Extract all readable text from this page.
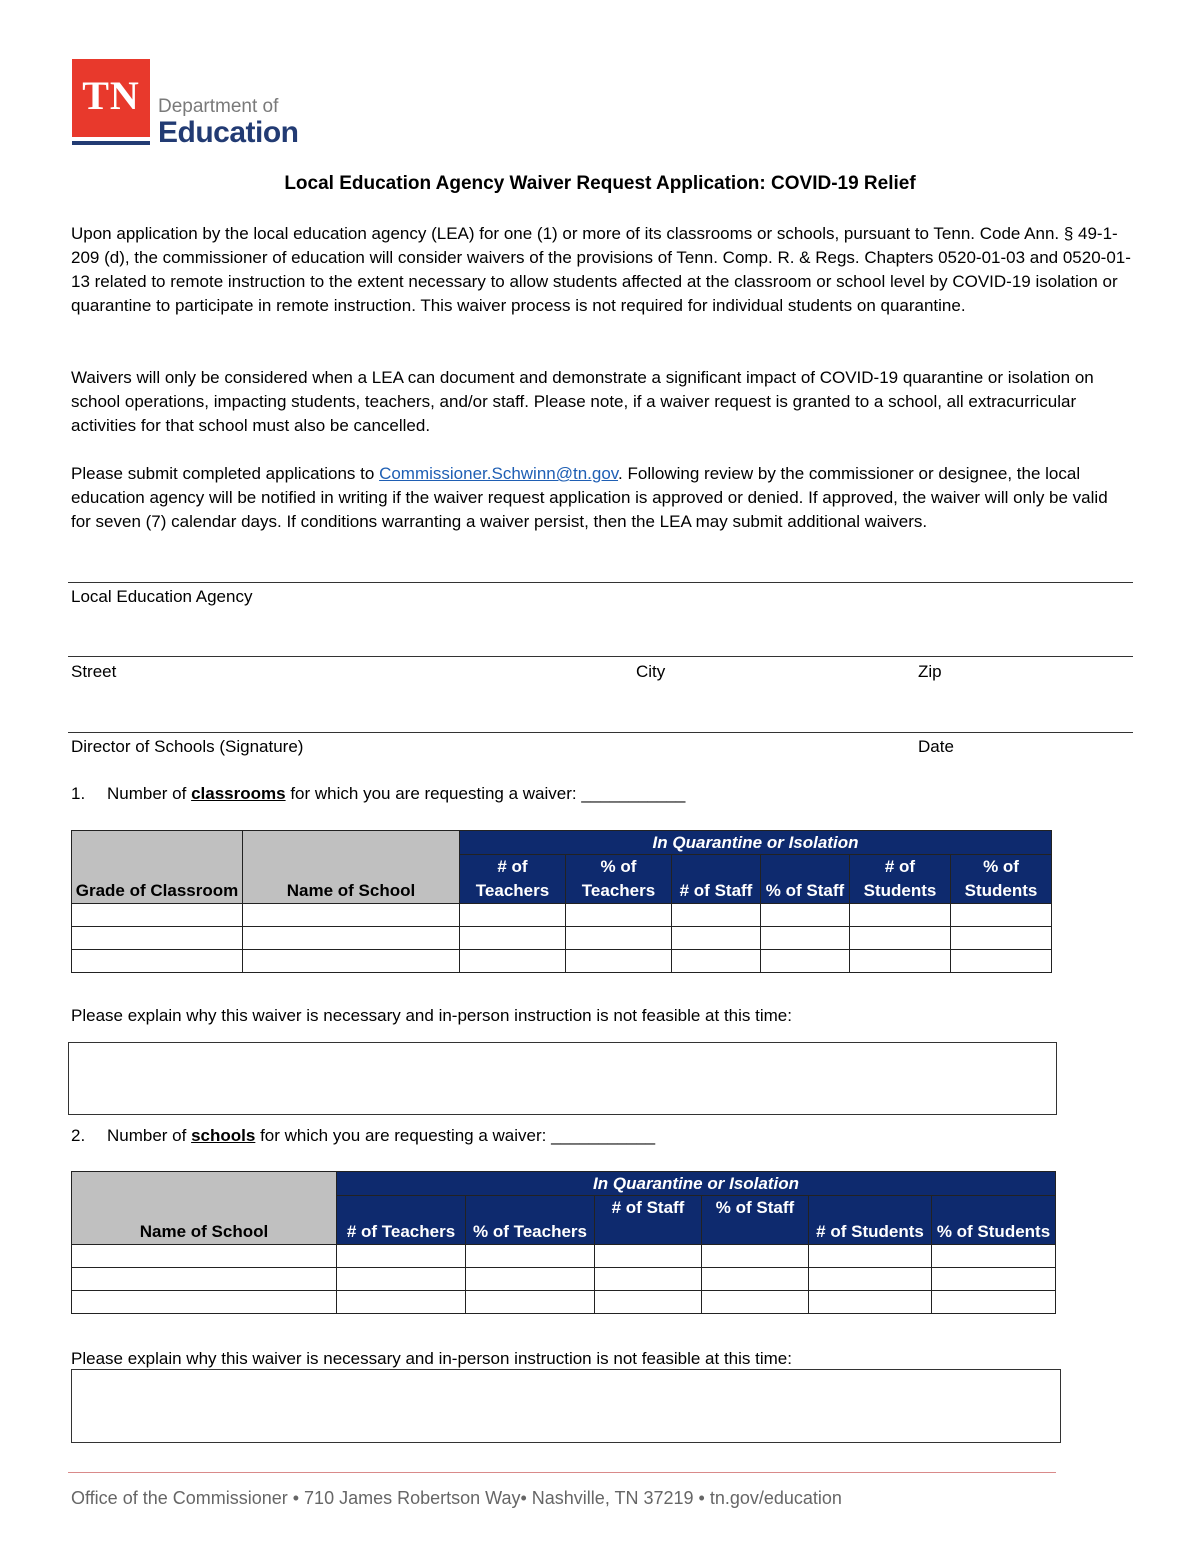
TN Department of
Education
Local Education Agency Waiver Request Application: COVID-19 Relief
Upon application by the local education agency (LEA) for one (1) or more of its classrooms or schools, pursuant to Tenn. Code Ann. § 49-1-209 (d), the commissioner of education will consider waivers of the provisions of Tenn. Comp. R. & Regs. Chapters 0520-01-03 and 0520-01-13 related to remote instruction to the extent necessary to allow students affected at the classroom or school level by COVID-19 isolation or quarantine to participate in remote instruction. This waiver process is not required for individual students on quarantine.
Waivers will only be considered when a LEA can document and demonstrate a significant impact of COVID-19 quarantine or isolation on school operations, impacting students, teachers, and/or staff. Please note, if a waiver request is granted to a school, all extracurricular activities for that school must also be cancelled.
Please submit completed applications to Commissioner.Schwinn@tn.gov. Following review by the commissioner or designee, the local education agency will be notified in writing if the waiver request application is approved or denied. If approved, the waiver will only be valid for seven (7) calendar days. If conditions warranting a waiver persist, then the LEA may submit additional waivers.
Local Education Agency
Street	City	Zip
Director of Schools (Signature)	Date
1. Number of classrooms for which you are requesting a waiver: ___________
Grade of Classroom	Name of School	In Quarantine or Isolation					
		# of Teachers	% of Teachers	# of Staff	% of Staff	# of Students	% of Students

Please explain why this waiver is necessary and in-person instruction is not feasible at this time:
2. Number of schools for which you are requesting a waiver: ___________
Name of School	In Quarantine or Isolation					
	# of Teachers	% of Teachers	# of Staff	% of Staff	# of Students	% of Students

Please explain why this waiver is necessary and in-person instruction is not feasible at this time:
Office of the Commissioner • 710 James Robertson Way• Nashville, TN 37219 • tn.gov/education
